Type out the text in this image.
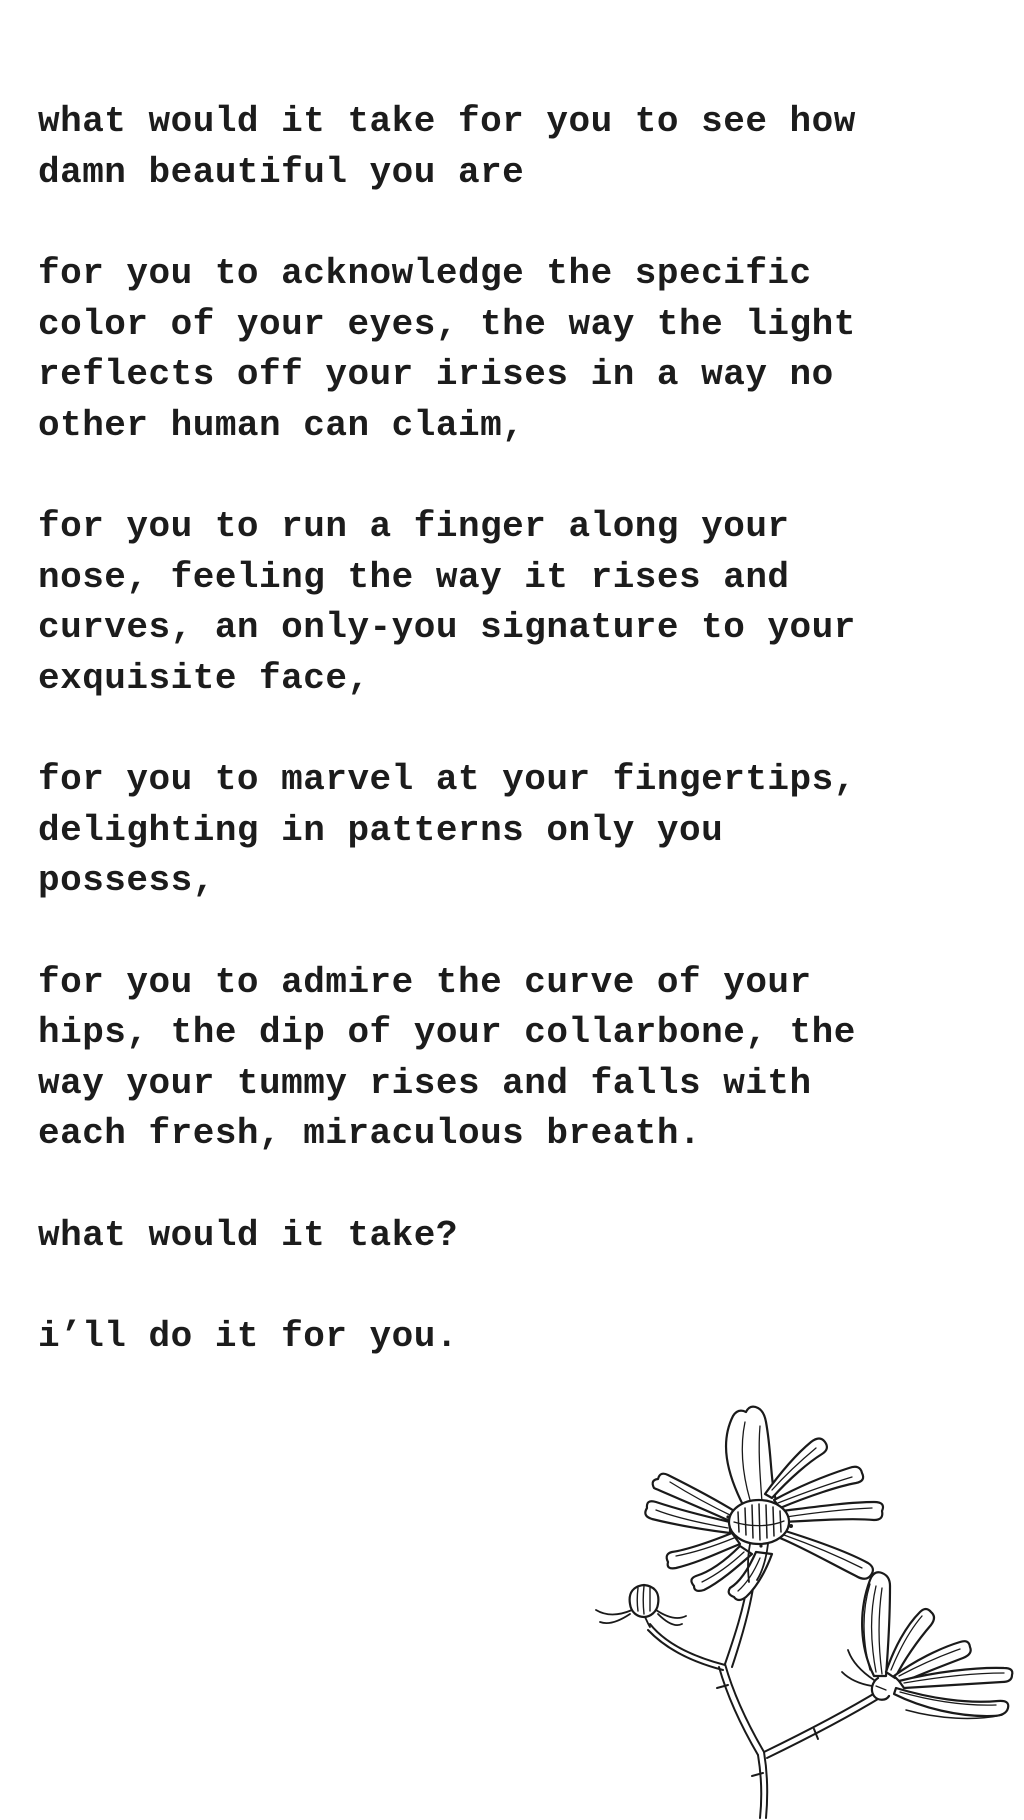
what would it take for you to see how
damn beautiful you are

for you to acknowledge the specific
color of your eyes, the way the light
reflects off your irises in a way no
other human can claim,

for you to run a finger along your
nose, feeling the way it rises and
curves, an only-you signature to your
exquisite face,

for you to marvel at your fingertips,
delighting in patterns only you
possess,

for you to admire the curve of your
hips, the dip of your collarbone, the
way your tummy rises and falls with
each fresh, miraculous breath.

what would it take?

i’ll do it for you.
